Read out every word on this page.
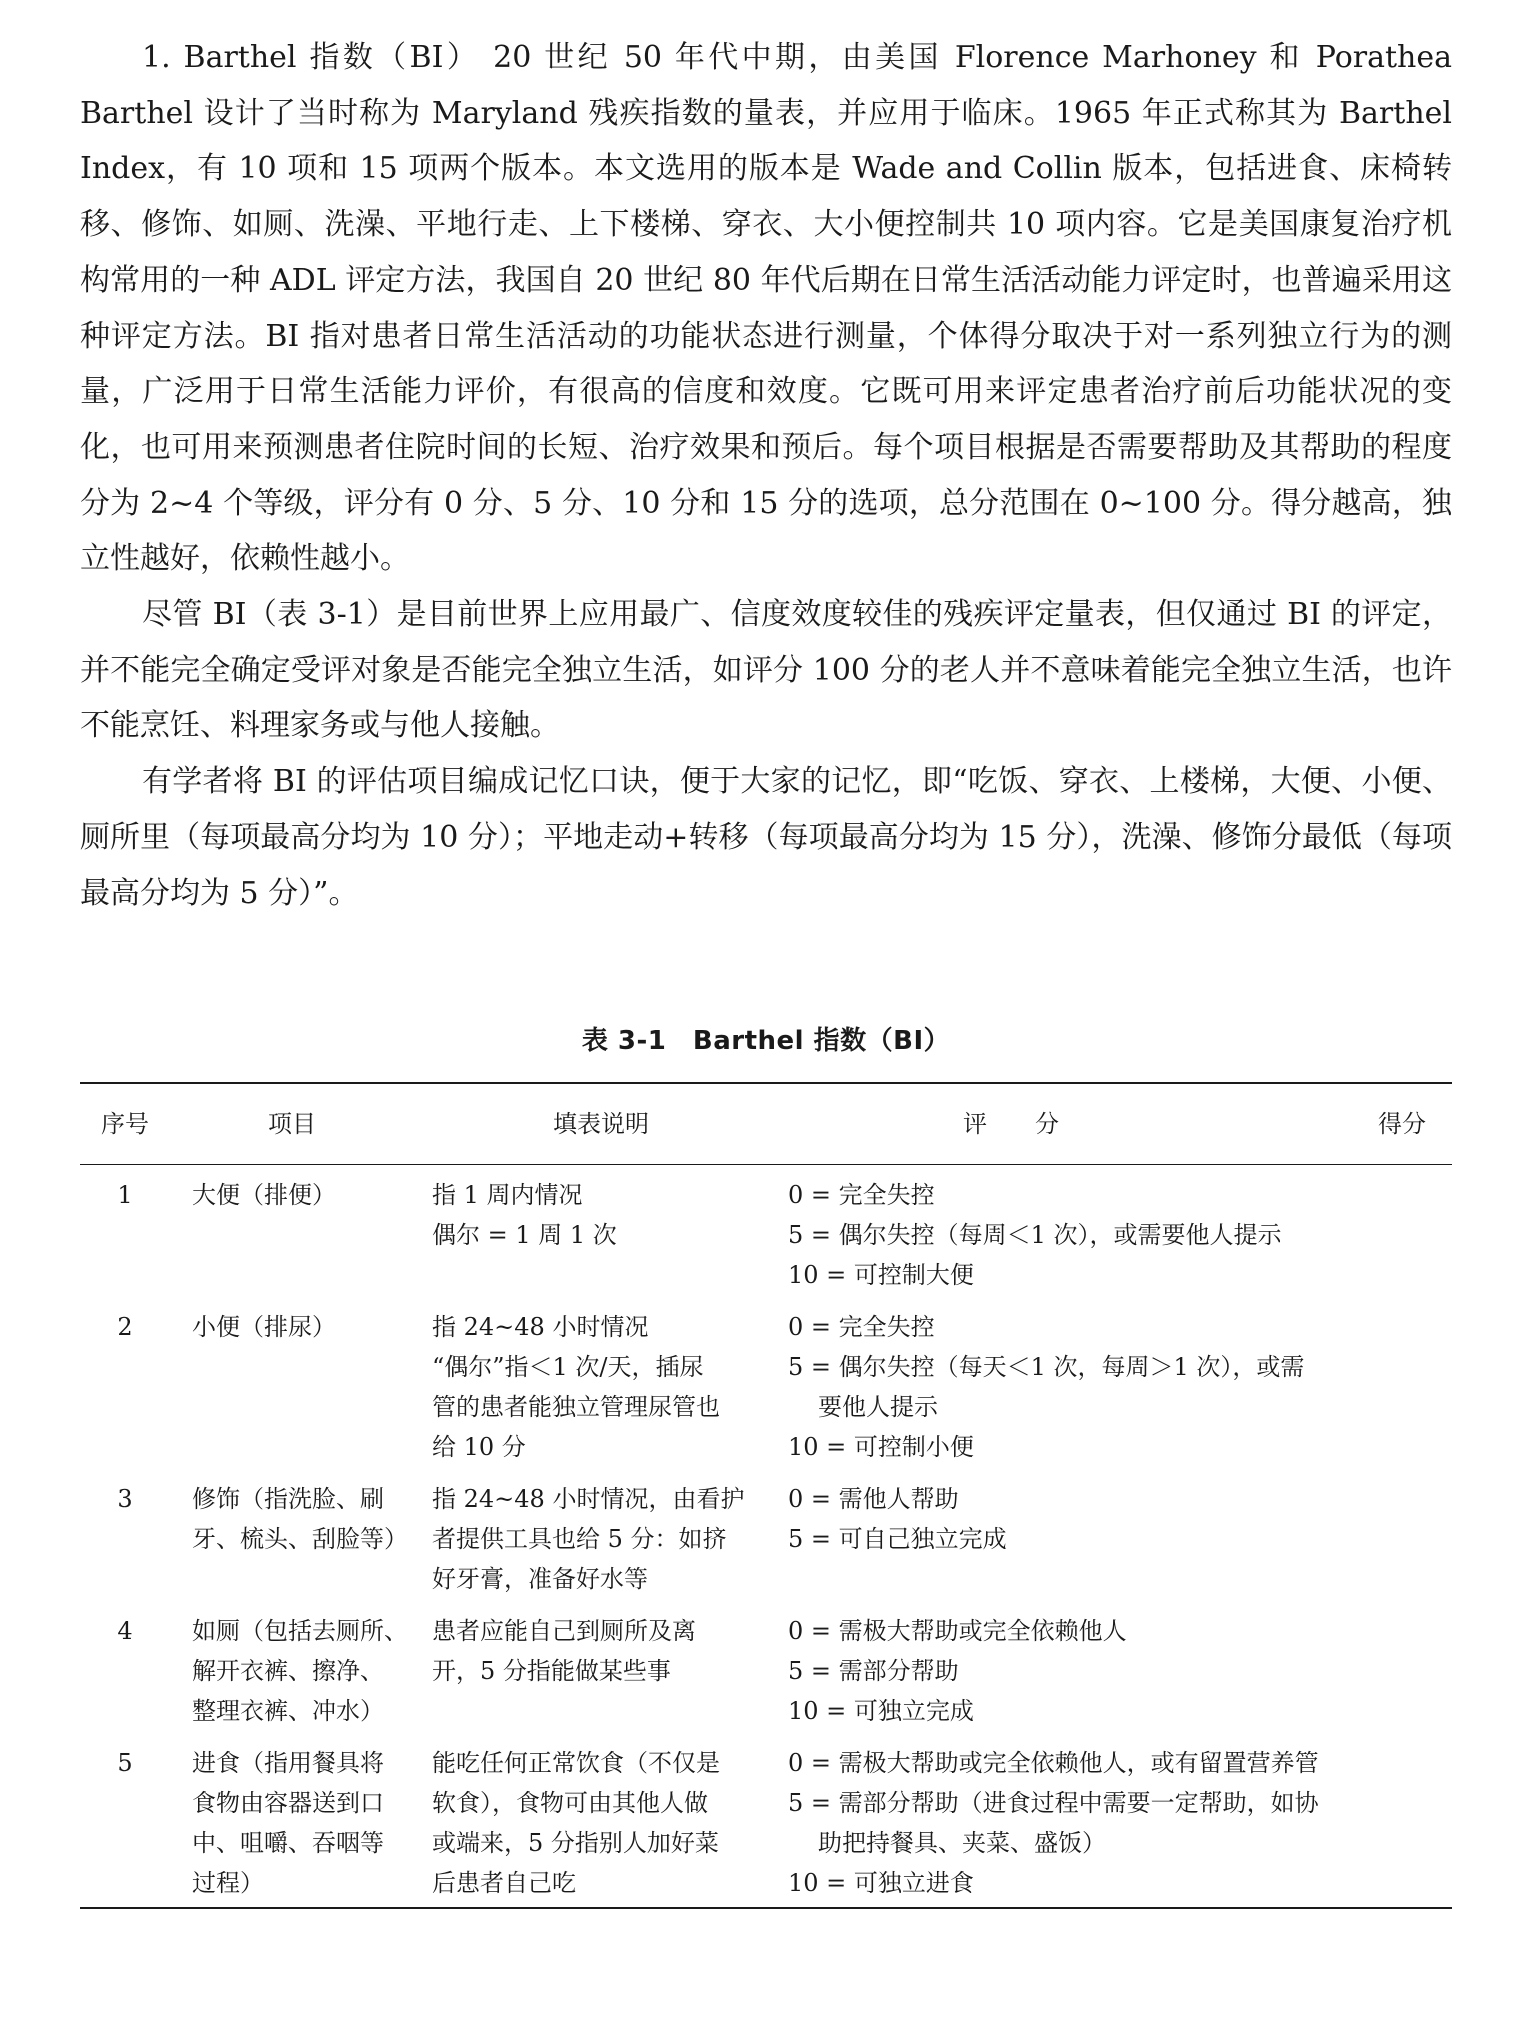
1. Barthel 指数（BI） 20 世纪 50 年代中期，由美国 Florence Marhoney 和 Porathea Barthel 设计了当时称为 Maryland 残疾指数的量表，并应用于临床。1965 年正式称其为 Barthel Index，有 10 项和 15 项两个版本。本文选用的版本是 Wade and Collin 版本，包括进食、床椅转移、修饰、如厕、洗澡、平地行走、上下楼梯、穿衣、大小便控制共 10 项内容。它是美国康复治疗机构常用的一种 ADL 评定方法，我国自 20 世纪 80 年代后期在日常生活活动能力评定时，也普遍采用这种评定方法。BI 指对患者日常生活活动的功能状态进行测量，个体得分取决于对一系列独立行为的测量，广泛用于日常生活能力评价，有很高的信度和效度。它既可用来评定患者治疗前后功能状况的变化，也可用来预测患者住院时间的长短、治疗效果和预后。每个项目根据是否需要帮助及其帮助的程度分为 2~4 个等级，评分有 0 分、5 分、10 分和 15 分的选项，总分范围在 0~100 分。得分越高，独立性越好，依赖性越小。

尽管 BI（表 3-1）是目前世界上应用最广、信度效度较佳的残疾评定量表，但仅通过 BI 的评定，并不能完全确定受评对象是否能完全独立生活，如评分 100 分的老人并不意味着能完全独立生活，也许不能烹饪、料理家务或与他人接触。

有学者将 BI 的评估项目编成记忆口诀，便于大家的记忆，即“吃饭、穿衣、上楼梯，大便、小便、厕所里（每项最高分均为 10 分）；平地走动+转移（每项最高分均为 15 分），洗澡、修饰分最低（每项最高分均为 5 分）”。

表 3-1　Barthel 指数（BI）
序号	项目	填表说明	评　　分	得分
1	大便（排便）	指 1 周内情况
偶尔 = 1 周 1 次	0 = 完全失控
5 = 偶尔失控（每周＜1 次），或需要他人提示
10 = 可控制大便	

2	小便（排尿）	指 24~48 小时情况
“偶尔”指＜1 次/天，插尿
管的患者能独立管理尿管也
给 10 分	0 = 完全失控
5 = 偶尔失控（每天＜1 次，每周＞1 次），或需要他人提示
10 = 可控制小便	

3	修饰（指洗脸、刷
牙、梳头、刮脸等）	指 24~48 小时情况，由看护
者提供工具也给 5 分：如挤
好牙膏，准备好水等	0 = 需他人帮助
5 = 可自己独立完成	

4	如厕（包括去厕所、
解开衣裤、擦净、
整理衣裤、冲水）	患者应能自己到厕所及离
开，5 分指能做某些事	0 = 需极大帮助或完全依赖他人
5 = 需部分帮助
10 = 可独立完成	

5	进食（指用餐具将
食物由容器送到口
中、咀嚼、吞咽等
过程）	能吃任何正常饮食（不仅是
软食），食物可由其他人做
或端来，5 分指别人加好菜
后患者自己吃	0 = 需极大帮助或完全依赖他人，或有留置营养管
5 = 需部分帮助（进食过程中需要一定帮助，如协助把持餐具、夹菜、盛饭）
10 = 可独立进食	
